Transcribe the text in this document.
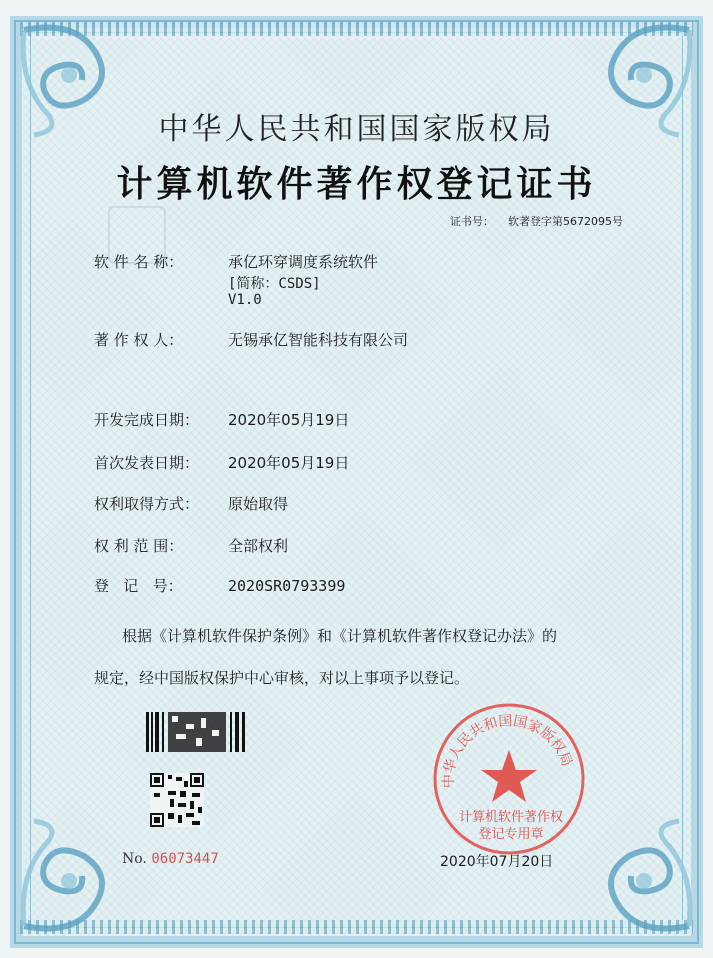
中华人民共和国国家版权局
计算机软件著作权登记证书
证书号： 软著登字第5672095号
软 件 名 称：	承亿环穿调度系统软件
[简称：CSDS]
V1.0
著 作 权 人：	无锡承亿智能科技有限公司
开发完成日期： 2020年05月19日
首次发表日期： 2020年05月19日
权利取得方式： 原始取得
权 利 范 围：	全部权利
登   记   号：	2020SR0793399
根据《计算机软件保护条例》和《计算机软件著作权登记办法》的
规定，经中国版权保护中心审核，对以上事项予以登记。
No. 06073447
中华人民共和国国家版权局
计算机软件著作权
登记专用章
2020年07月20日
